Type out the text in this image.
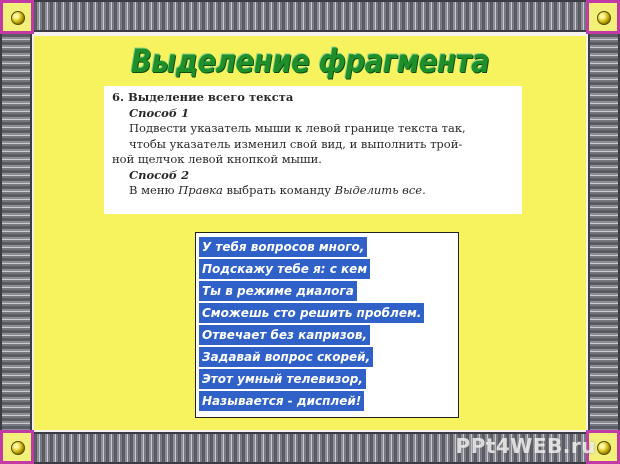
Выделение фрагмента
6. Выделение всего текста
Способ 1
Подвести указатель мыши к левой границе текста так,
чтобы указатель изменил свой вид, и выполнить трой-
ной щелчок левой кнопкой мыши.
Способ 2
В меню Правка выбрать команду Выделить все.
У тебя вопросов много,
Подскажу тебе я: с кем
Ты в режиме диалога
Сможешь сто решить проблем.
Отвечает без капризов,
Задавай вопрос скорей,
Этот умный телевизор,
Называется - дисплей!
PPt4WEB.ru
